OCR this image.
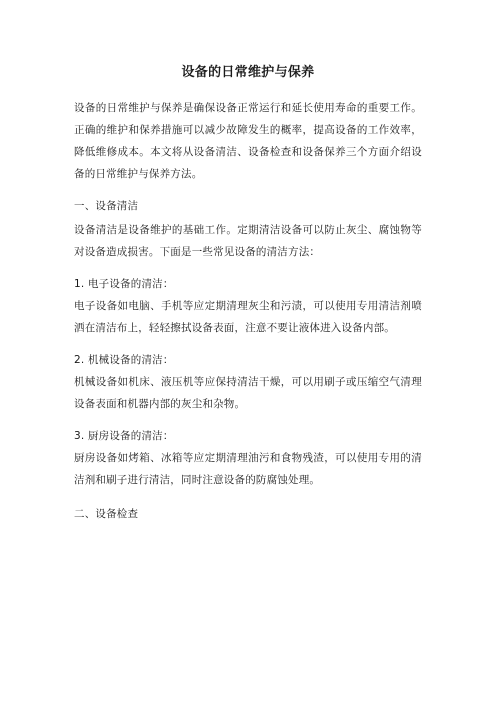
设备的日常维护与保养

设备的日常维护与保养是确保设备正常运行和延长使用寿命的重要工作。正确的维护和保养措施可以减少故障发生的概率，提高设备的工作效率，降低维修成本。本文将从设备清洁、设备检查和设备保养三个方面介绍设备的日常维护与保养方法。

一、设备清洁

设备清洁是设备维护的基础工作。定期清洁设备可以防止灰尘、腐蚀物等对设备造成损害。下面是一些常见设备的清洁方法：

1. 电子设备的清洁：

电子设备如电脑、手机等应定期清理灰尘和污渍，可以使用专用清洁剂喷洒在清洁布上，轻轻擦拭设备表面，注意不要让液体进入设备内部。

2. 机械设备的清洁：

机械设备如机床、液压机等应保持清洁干燥，可以用刷子或压缩空气清理设备表面和机器内部的灰尘和杂物。

3. 厨房设备的清洁：

厨房设备如烤箱、冰箱等应定期清理油污和食物残渣，可以使用专用的清洁剂和刷子进行清洁，同时注意设备的防腐蚀处理。

二、设备检查
